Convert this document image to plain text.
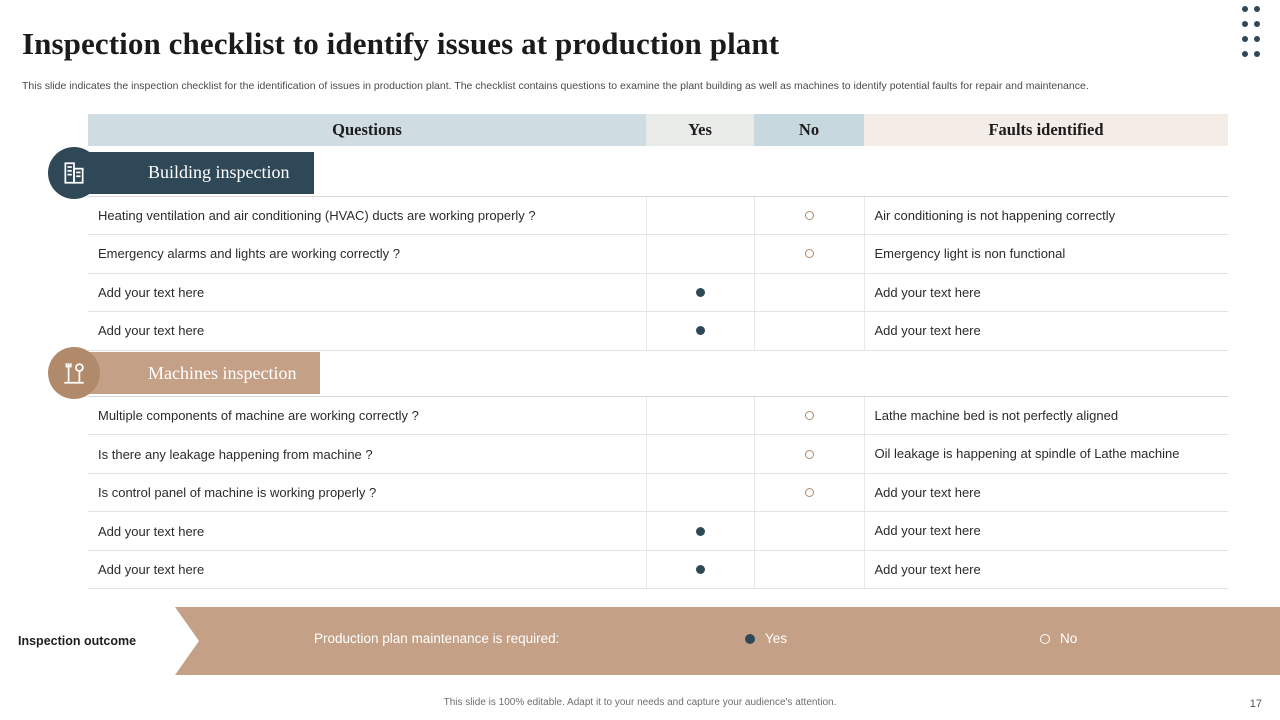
Inspection checklist to identify issues at production plant
This slide indicates the inspection checklist for the identification of issues in production plant. The checklist contains questions to examine the plant building as well as machines to identify potential faults for repair and maintenance.
Questions	Yes	No	Faults identified

Building inspection			

Heating ventilation and air conditioning (HVAC) ducts are working properly ?			Air conditioning is not happening correctly
Emergency alarms and lights are working correctly ?			Emergency light is non functional
Add your text here			Add your text here
Add your text here			Add your text here

Machines inspection			

Multiple components of machine are working correctly ?			Lathe machine bed is not perfectly aligned
Is there any leakage happening from machine ?			Oil leakage is happening at spindle of Lathe machine
Is control panel of machine is working properly ?			Add your text here
Add your text here			Add your text here
Add your text here			Add your text here
Inspection outcome	Production plan maintenance is required:	Yes	No
This slide is 100% editable. Adapt it to your needs and capture your audience's attention.	17
